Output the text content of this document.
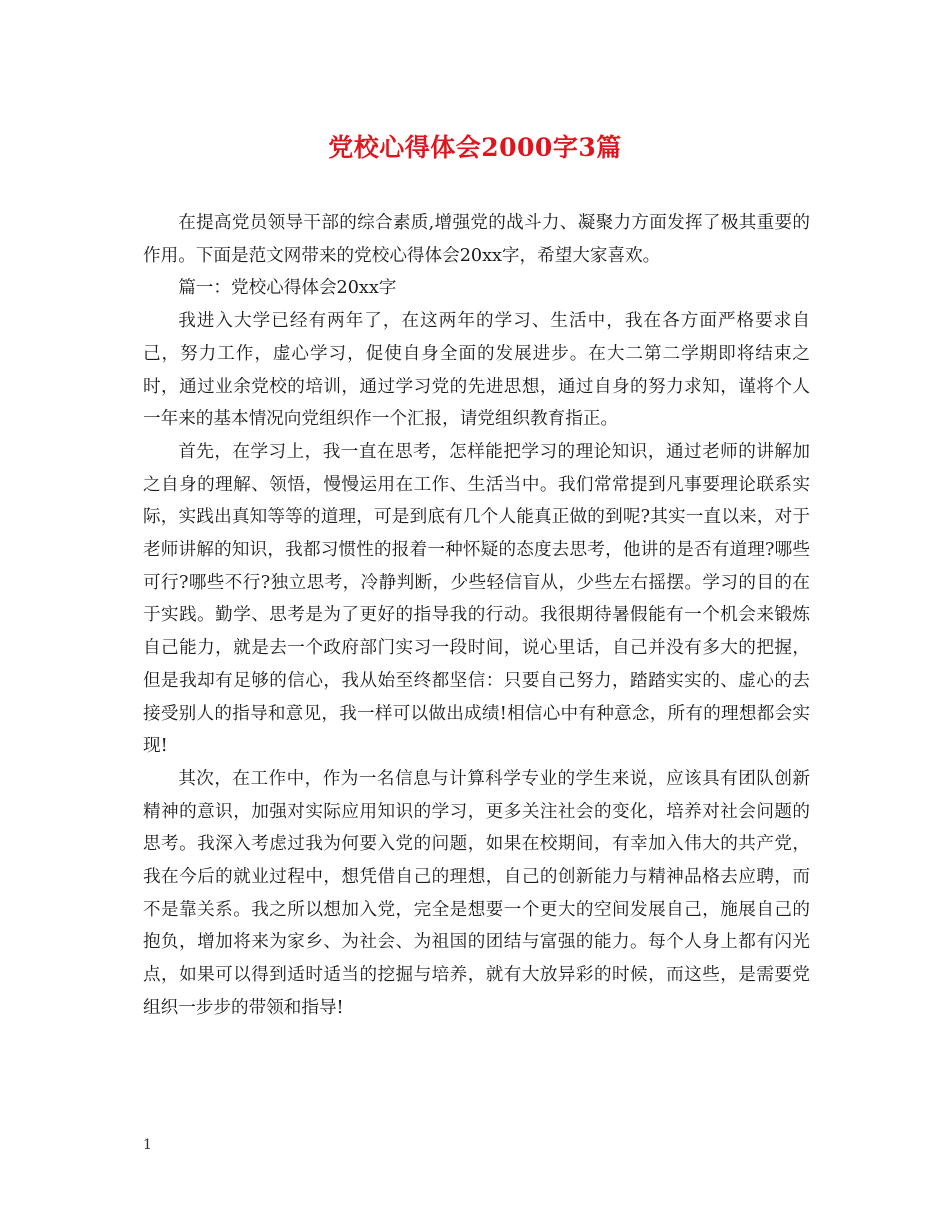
党校心得体会2000字3篇

在提高党员领导干部的综合素质,增强党的战斗力、凝聚力方面发挥了极其重要的作用。下面是范文网带来的党校心得体会20xx字，希望大家喜欢。

篇一：党校心得体会20xx字

我进入大学已经有两年了，在这两年的学习、生活中，我在各方面严格要求自己，努力工作，虚心学习，促使自身全面的发展进步。在大二第二学期即将结束之时，通过业余党校的培训，通过学习党的先进思想，通过自身的努力求知，谨将个人一年来的基本情况向党组织作一个汇报，请党组织教育指正。

首先，在学习上，我一直在思考，怎样能把学习的理论知识，通过老师的讲解加之自身的理解、领悟，慢慢运用在工作、生活当中。我们常常提到凡事要理论联系实际，实践出真知等等的道理，可是到底有几个人能真正做的到呢?其实一直以来，对于老师讲解的知识，我都习惯性的报着一种怀疑的态度去思考，他讲的是否有道理?哪些可行?哪些不行?独立思考，冷静判断，少些轻信盲从，少些左右摇摆。学习的目的在于实践。勤学、思考是为了更好的指导我的行动。我很期待暑假能有一个机会来锻炼自己能力，就是去一个政府部门实习一段时间，说心里话，自己并没有多大的把握，但是我却有足够的信心，我从始至终都坚信：只要自己努力，踏踏实实的、虚心的去接受别人的指导和意见，我一样可以做出成绩!相信心中有种意念，所有的理想都会实现!

其次，在工作中，作为一名信息与计算科学专业的学生来说，应该具有团队创新精神的意识，加强对实际应用知识的学习，更多关注社会的变化，培养对社会问题的思考。我深入考虑过我为何要入党的问题，如果在校期间，有幸加入伟大的共产党，我在今后的就业过程中，想凭借自己的理想，自己的创新能力与精神品格去应聘，而不是靠关系。我之所以想加入党，完全是想要一个更大的空间发展自己，施展自己的抱负，增加将来为家乡、为社会、为祖国的团结与富强的能力。每个人身上都有闪光点，如果可以得到适时适当的挖掘与培养，就有大放异彩的时候，而这些，是需要党组织一步步的带领和指导!

1
